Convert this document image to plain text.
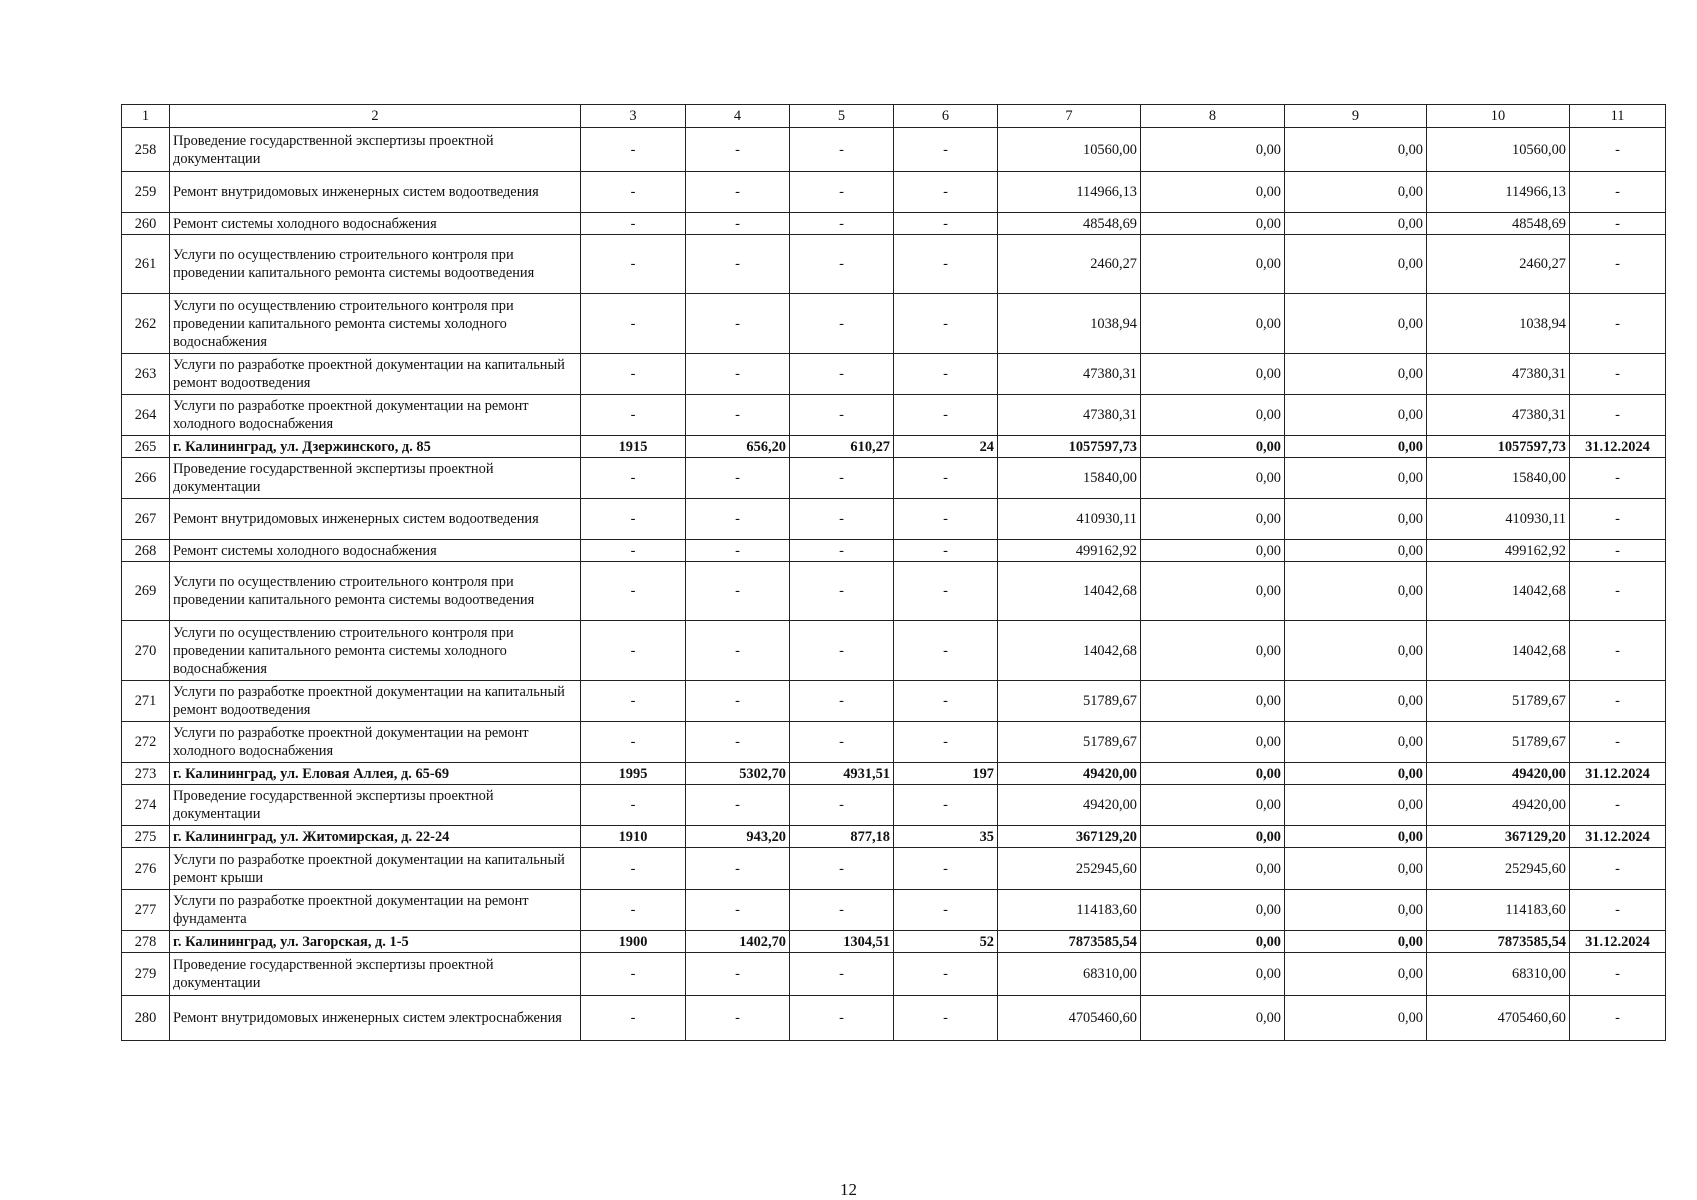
1	2	3	4	5	6	7	8	9	10	11
258	Проведение государственной экспертизы проектной документации	-	-	-	-	10560,00	0,00	0,00	10560,00	-
259	Ремонт внутридомовых инженерных систем водоотведения	-	-	-	-	114966,13	0,00	0,00	114966,13	-
260	Ремонт системы холодного водоснабжения	-	-	-	-	48548,69	0,00	0,00	48548,69	-
261	Услуги по осуществлению строительного контроля при проведении капитального ремонта системы водоотведения	-	-	-	-	2460,27	0,00	0,00	2460,27	-
262	Услуги по осуществлению строительного контроля при проведении капитального ремонта системы холодного водоснабжения	-	-	-	-	1038,94	0,00	0,00	1038,94	-
263	Услуги по разработке проектной документации на капитальный ремонт водоотведения	-	-	-	-	47380,31	0,00	0,00	47380,31	-
264	Услуги по разработке проектной документации на ремонт холодного водоснабжения	-	-	-	-	47380,31	0,00	0,00	47380,31	-
265	г. Калининград, ул. Дзержинского, д. 85	1915	656,20	610,27	24	1057597,73	0,00	0,00	1057597,73	31.12.2024
266	Проведение государственной экспертизы проектной документации	-	-	-	-	15840,00	0,00	0,00	15840,00	-
267	Ремонт внутридомовых инженерных систем водоотведения	-	-	-	-	410930,11	0,00	0,00	410930,11	-
268	Ремонт системы холодного водоснабжения	-	-	-	-	499162,92	0,00	0,00	499162,92	-
269	Услуги по осуществлению строительного контроля при проведении капитального ремонта системы водоотведения	-	-	-	-	14042,68	0,00	0,00	14042,68	-
270	Услуги по осуществлению строительного контроля при проведении капитального ремонта системы холодного водоснабжения	-	-	-	-	14042,68	0,00	0,00	14042,68	-
271	Услуги по разработке проектной документации на капитальный ремонт водоотведения	-	-	-	-	51789,67	0,00	0,00	51789,67	-
272	Услуги по разработке проектной документации на ремонт холодного водоснабжения	-	-	-	-	51789,67	0,00	0,00	51789,67	-
273	г. Калининград, ул. Еловая Аллея, д. 65-69	1995	5302,70	4931,51	197	49420,00	0,00	0,00	49420,00	31.12.2024
274	Проведение государственной экспертизы проектной документации	-	-	-	-	49420,00	0,00	0,00	49420,00	-
275	г. Калининград, ул. Житомирская, д. 22-24	1910	943,20	877,18	35	367129,20	0,00	0,00	367129,20	31.12.2024
276	Услуги по разработке проектной документации на капитальный ремонт крыши	-	-	-	-	252945,60	0,00	0,00	252945,60	-
277	Услуги по разработке проектной документации на ремонт фундамента	-	-	-	-	114183,60	0,00	0,00	114183,60	-
278	г. Калининград, ул. Загорская, д. 1-5	1900	1402,70	1304,51	52	7873585,54	0,00	0,00	7873585,54	31.12.2024
279	Проведение государственной экспертизы проектной документации	-	-	-	-	68310,00	0,00	0,00	68310,00	-
280	Ремонт внутридомовых инженерных систем электроснабжения	-	-	-	-	4705460,60	0,00	0,00	4705460,60	-
12
